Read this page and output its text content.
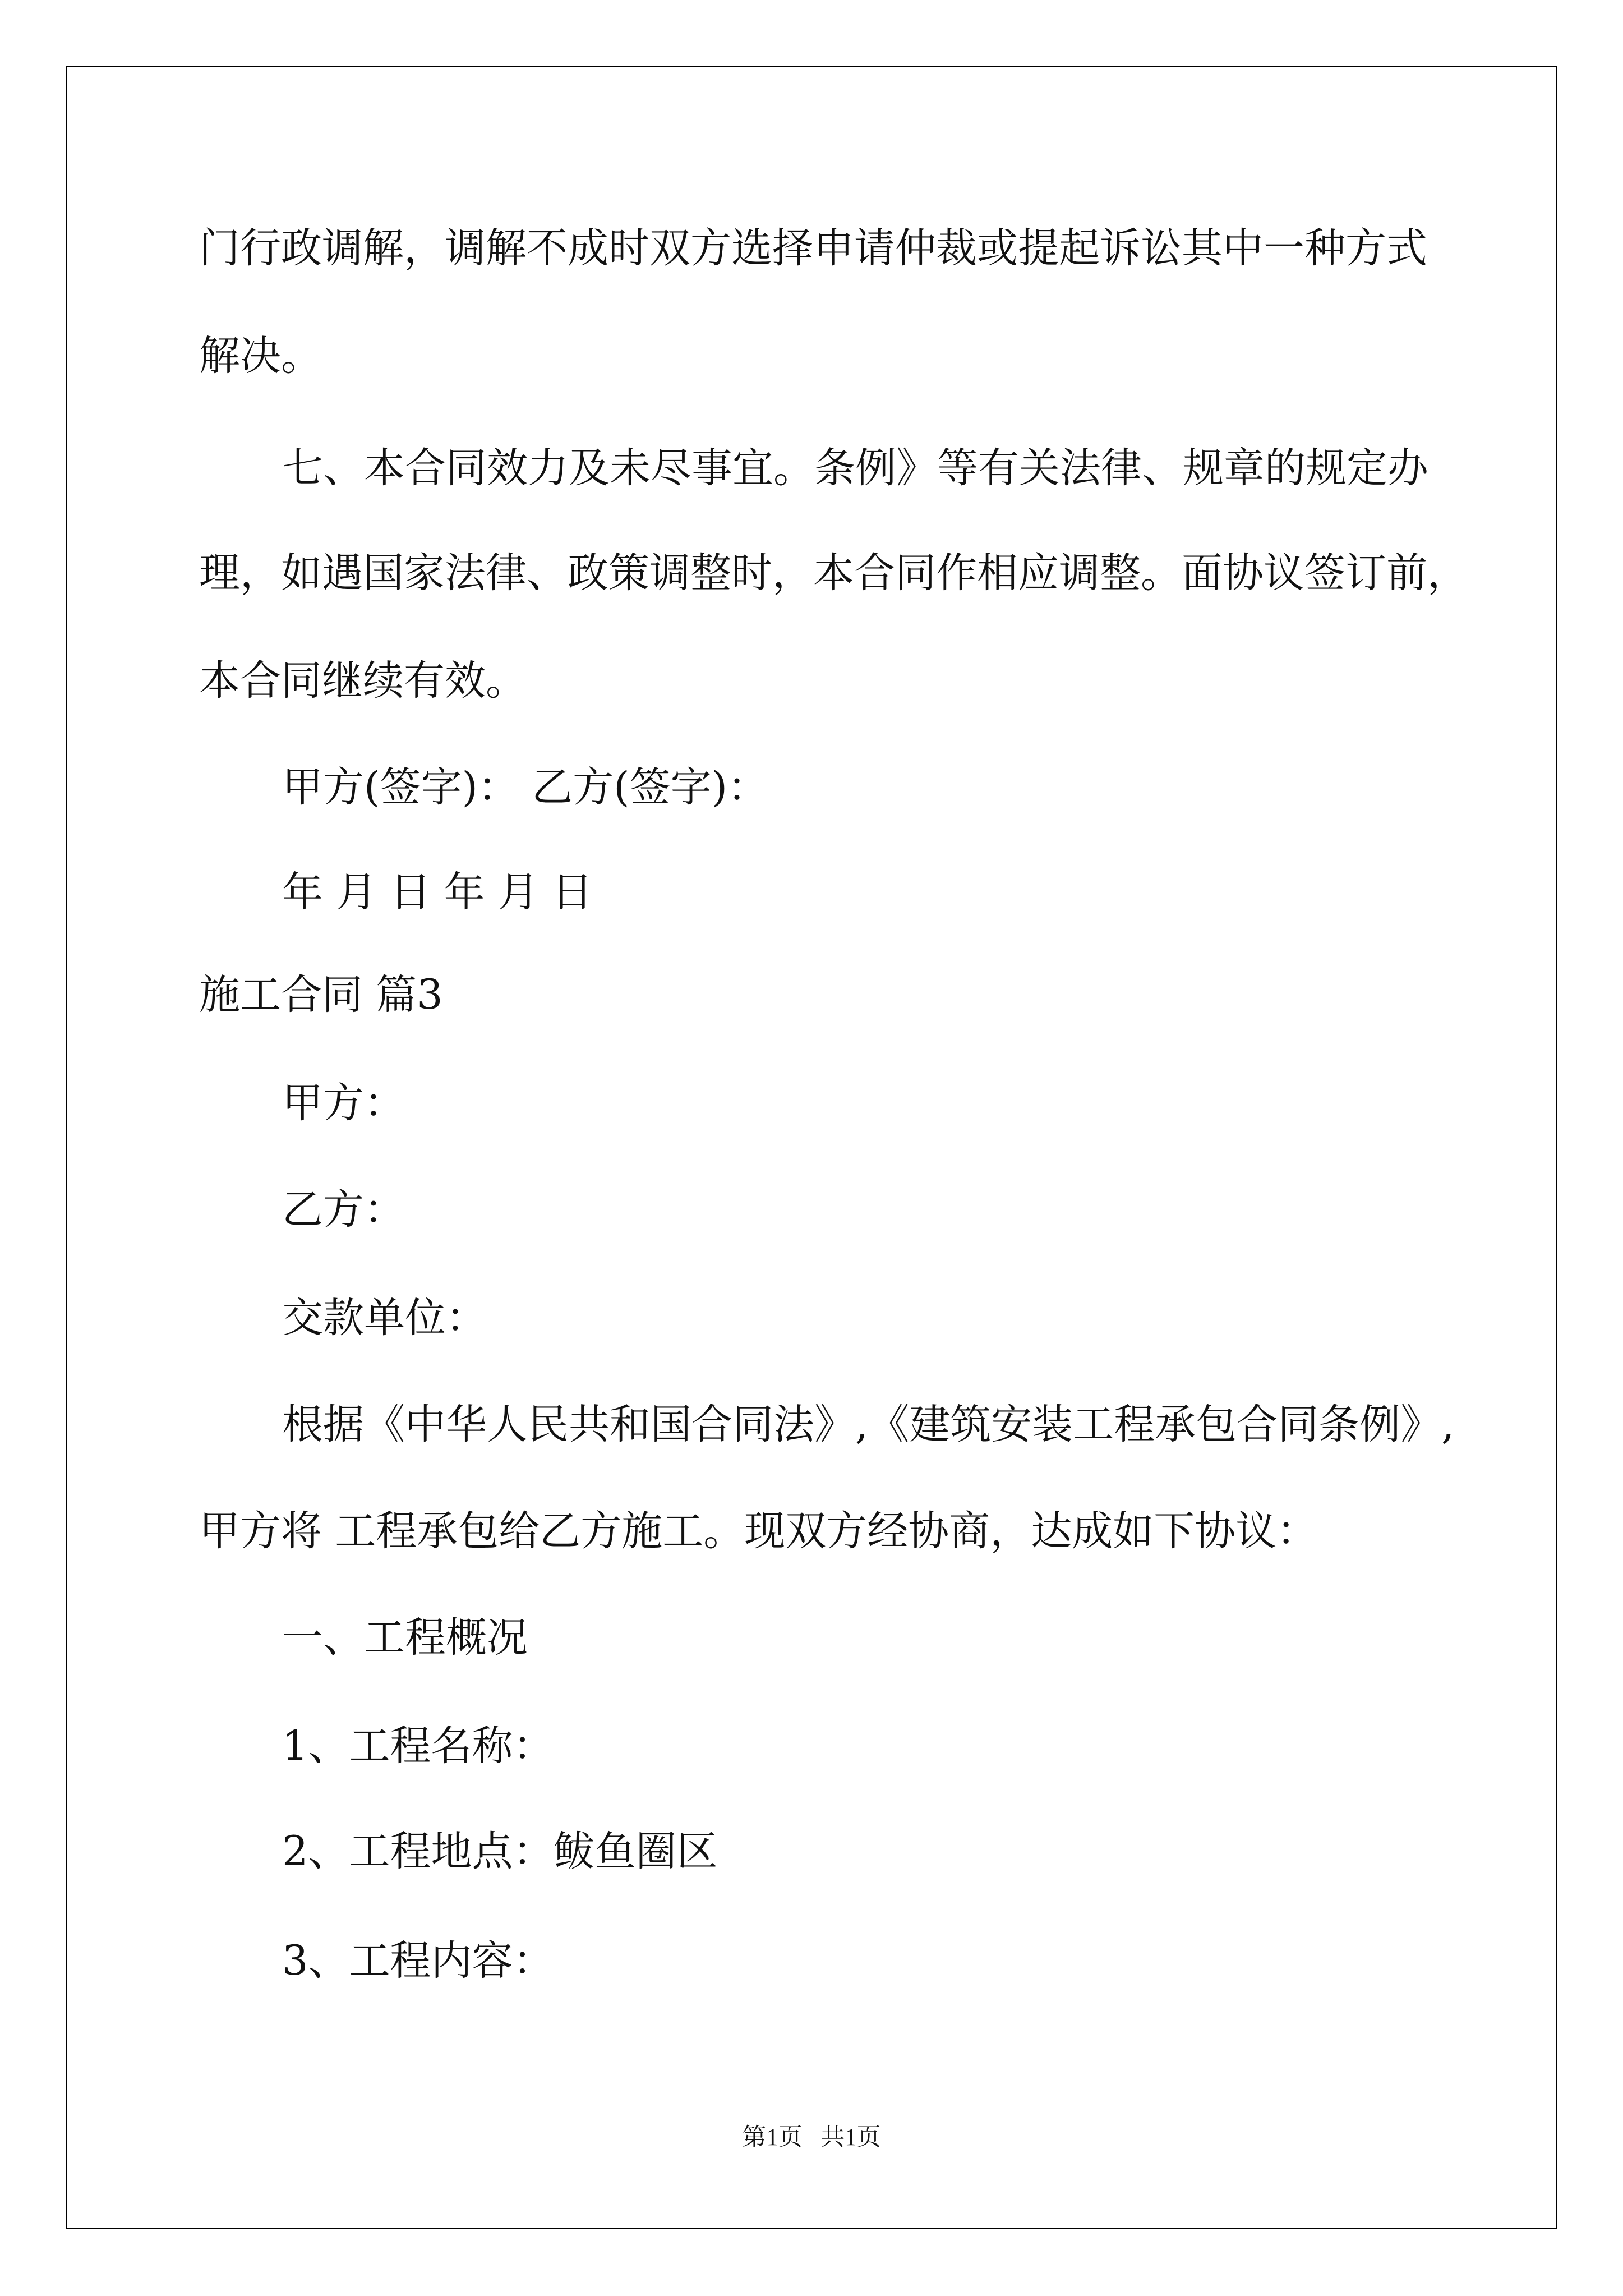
门行政调解，调解不成时双方选择申请仲裁或提起诉讼其中一种方式

解决。

七、本合同效力及未尽事宜。条例》等有关法律、规章的规定办

理，如遇国家法律、政策调整时，本合同作相应调整。面协议签订前，

本合同继续有效。

甲方(签字)： 乙方(签字)：

年 月 日 年 月 日

施工合同 篇3

甲方：

乙方：

交款单位：

根据《中华人民共和国合同法》,《建筑安装工程承包合同条例》,

甲方将 工程承包给乙方施工。现双方经协商，达成如下协议：

一、工程概况

1、工程名称：

2、工程地点：鲅鱼圈区

3、工程内容：

第1页   共1页
